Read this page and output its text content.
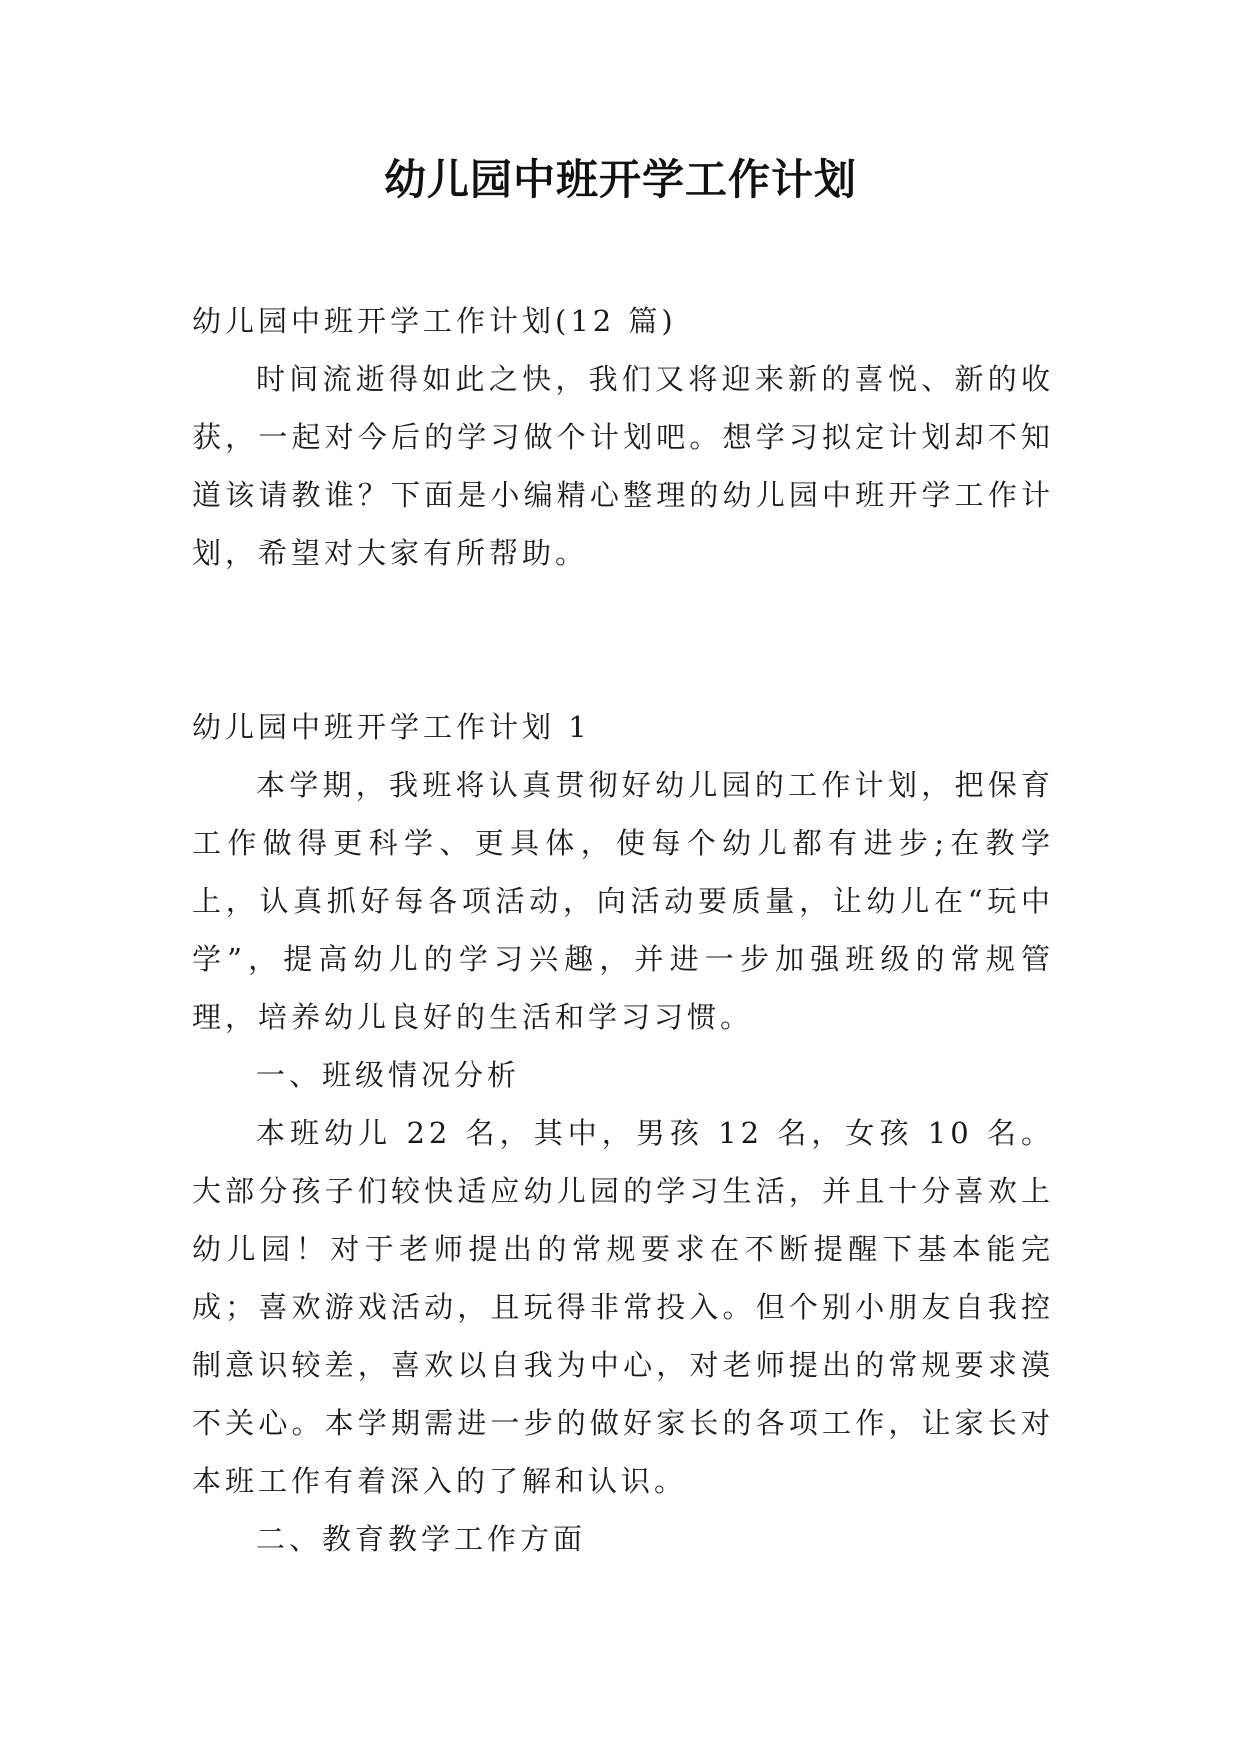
幼儿园中班开学工作计划

幼儿园中班开学工作计划(12 篇)

时间流逝得如此之快，我们又将迎来新的喜悦、新的收获，一起对今后的学习做个计划吧。想学习拟定计划却不知道该请教谁？下面是小编精心整理的幼儿园中班开学工作计划，希望对大家有所帮助。

幼儿园中班开学工作计划 1

本学期，我班将认真贯彻好幼儿园的工作计划，把保育工作做得更科学、更具体，使每个幼儿都有进步;在教学上，认真抓好每各项活动，向活动要质量，让幼儿在“玩中学”，提高幼儿的学习兴趣，并进一步加强班级的常规管理，培养幼儿良好的生活和学习习惯。

一、班级情况分析

本班幼儿 22 名，其中，男孩 12 名，女孩 10 名。大部分孩子们较快适应幼儿园的学习生活，并且十分喜欢上幼儿园！对于老师提出的常规要求在不断提醒下基本能完成；喜欢游戏活动，且玩得非常投入。但个别小朋友自我控制意识较差，喜欢以自我为中心，对老师提出的常规要求漠不关心。本学期需进一步的做好家长的各项工作，让家长对本班工作有着深入的了解和认识。

二、教育教学工作方面
